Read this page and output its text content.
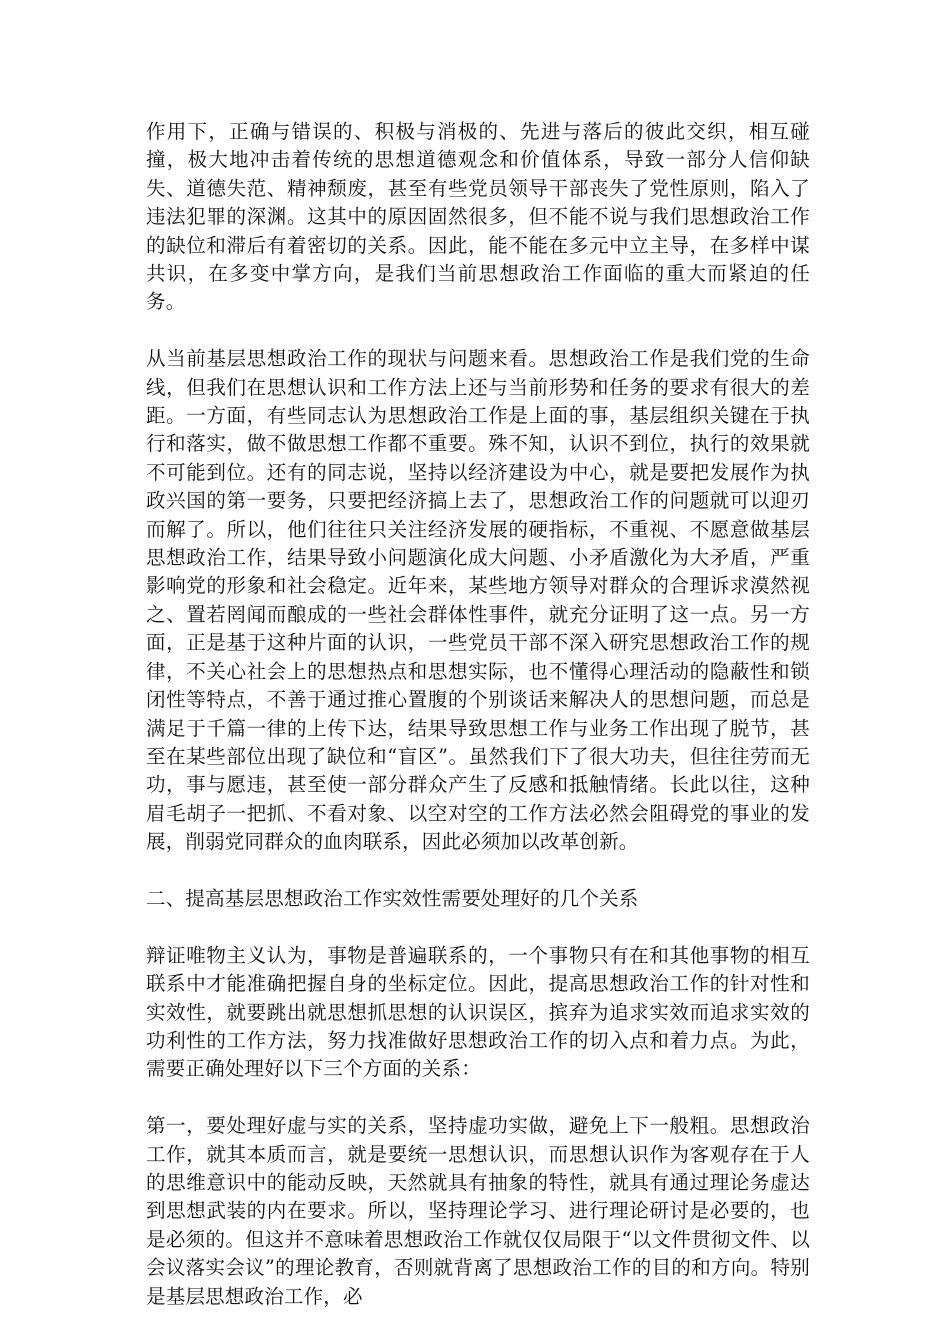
作用下，正确与错误的、积极与消极的、先进与落后的彼此交织，相互碰撞，极大地冲击着传统的思想道德观念和价值体系，导致一部分人信仰缺失、道德失范、精神颓废，甚至有些党员领导干部丧失了党性原则，陷入了违法犯罪的深渊。这其中的原因固然很多，但不能不说与我们思想政治工作的缺位和滞后有着密切的关系。因此，能不能在多元中立主导，在多样中谋共识，在多变中掌方向，是我们当前思想政治工作面临的重大而紧迫的任务。

从当前基层思想政治工作的现状与问题来看。思想政治工作是我们党的生命线，但我们在思想认识和工作方法上还与当前形势和任务的要求有很大的差距。一方面，有些同志认为思想政治工作是上面的事，基层组织关键在于执行和落实，做不做思想工作都不重要。殊不知，认识不到位，执行的效果就不可能到位。还有的同志说，坚持以经济建设为中心，就是要把发展作为执政兴国的第一要务，只要把经济搞上去了，思想政治工作的问题就可以迎刃而解了。所以，他们往往只关注经济发展的硬指标，不重视、不愿意做基层思想政治工作，结果导致小问题演化成大问题、小矛盾激化为大矛盾，严重影响党的形象和社会稳定。近年来，某些地方领导对群众的合理诉求漠然视之、置若罔闻而酿成的一些社会群体性事件，就充分证明了这一点。另一方面，正是基于这种片面的认识，一些党员干部不深入研究思想政治工作的规律，不关心社会上的思想热点和思想实际，也不懂得心理活动的隐蔽性和锁闭性等特点，不善于通过推心置腹的个别谈话来解决人的思想问题，而总是满足于千篇一律的上传下达，结果导致思想工作与业务工作出现了脱节，甚至在某些部位出现了缺位和“盲区”。虽然我们下了很大功夫，但往往劳而无功，事与愿违，甚至使一部分群众产生了反感和抵触情绪。长此以往，这种眉毛胡子一把抓、不看对象、以空对空的工作方法必然会阻碍党的事业的发展，削弱党同群众的血肉联系，因此必须加以改革创新。

二、提高基层思想政治工作实效性需要处理好的几个关系

辩证唯物主义认为，事物是普遍联系的，一个事物只有在和其他事物的相互联系中才能准确把握自身的坐标定位。因此，提高思想政治工作的针对性和实效性，就要跳出就思想抓思想的认识误区，摈弃为追求实效而追求实效的功利性的工作方法，努力找准做好思想政治工作的切入点和着力点。为此，需要正确处理好以下三个方面的关系：

第一，要处理好虚与实的关系，坚持虚功实做，避免上下一般粗。思想政治工作，就其本质而言，就是要统一思想认识，而思想认识作为客观存在于人的思维意识中的能动反映，天然就具有抽象的特性，就具有通过理论务虚达到思想武装的内在要求。所以，坚持理论学习、进行理论研讨是必要的，也是必须的。但这并不意味着思想政治工作就仅仅局限于“以文件贯彻文件、以会议落实会议”的理论教育，否则就背离了思想政治工作的目的和方向。特别是基层思想政治工作，必
